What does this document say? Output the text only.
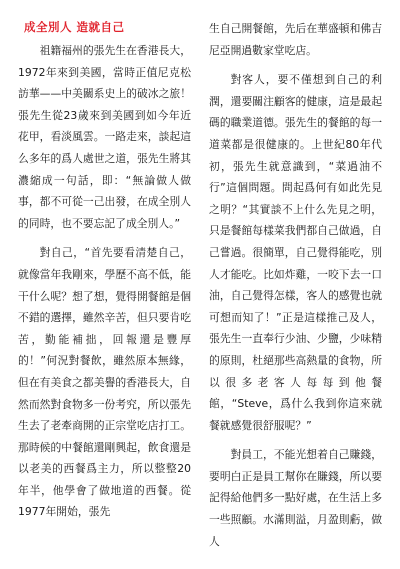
成全別人 造就自己

祖籍福州的張先生在香港長大，1972年來到美國，當時正值尼克松訪華——中美關系史上的破冰之旅！張先生從23歲來到美國到如今年近花甲，看淡風雲。一路走來，談起這么多年的爲人處世之道，張先生將其濃縮成一句話，即：“無論做人做事，都不可從一己出發，在成全別人的同時，也不要忘記了成全別人。”

對自己，“首先要看清楚自己，就像當年我剛來，學歷不高不低，能干什么呢？想了想，覺得開餐館是個不錯的選擇，雖然辛苦，但只要肯吃苦，勤能補拙，回報還是豐厚的！”何況對餐飲，雖然原本無緣，但在有美食之都美譽的香港長大，自然而然對食物多一份考究，所以張先生去了老牽商開的正宗堂吃店打工。那時候的中餐館還剛興起，飲食還是以老美的西餐爲主力，所以整整20年半，他學會了做地道的西餐。從1977年開始，張先

生自己開餐館，先后在華盛頓和佛吉尼亞開過數家堂吃店。

對客人，要不僅想到自己的利潤，還要關注顧客的健康，這是最起碼的職業道德。張先生的餐館的每一道菜都是很健康的。上世紀80年代初，張先生就意識到，“菜過油不行”這個問題。問起爲何有如此先見之明？“其實談不上什么先見之明，只是餐館每樣菜我們都自己做過，自己嘗過。很簡單，自己覺得能吃，別人才能吃。比如炸雞，一咬下去一口油，自己覺得怎樣，客人的感覺也就可想而知了！”正是這樣推己及人，張先生一直奉行少油、少鹽，少味精的原則，杜絕那些高熱量的食物，所以很多老客人每每到他餐館，“Steve，爲什么我到你這來就餐就感覺很舒服呢？”

對員工，不能光想着自己賺錢，要明白正是員工幫你在賺錢，所以要記得給他們多一點好處，在生活上多一些照顧。水滿則溢，月盈則虧，做人
